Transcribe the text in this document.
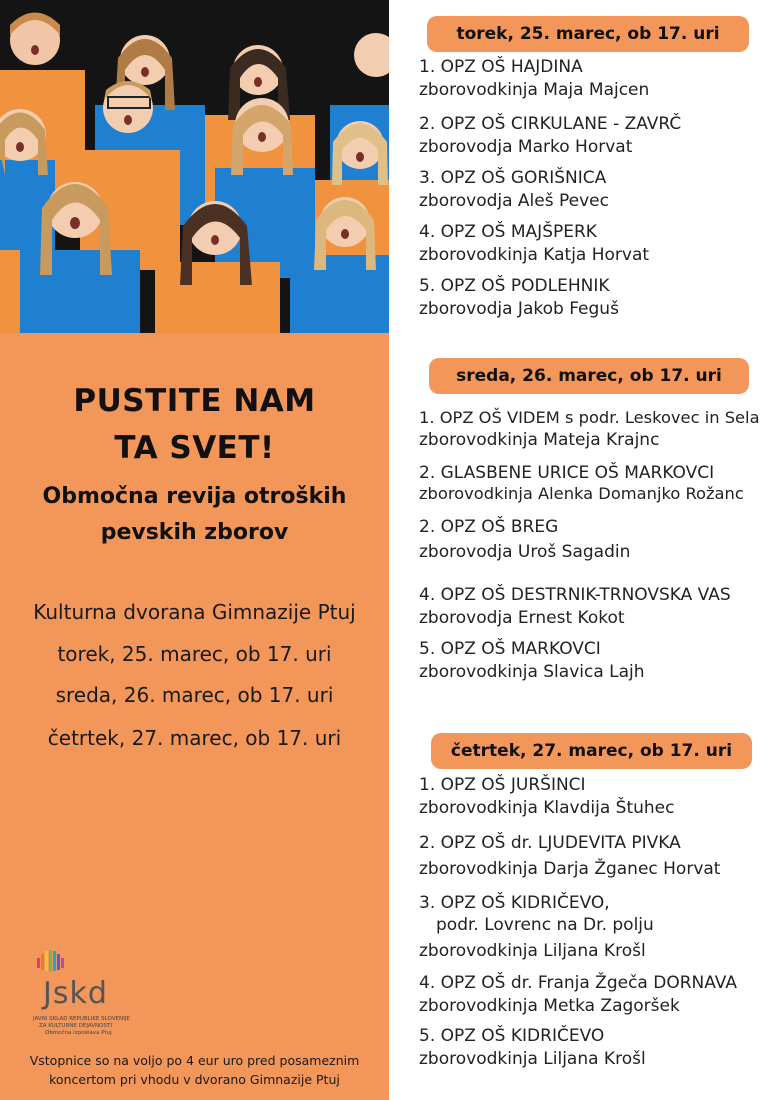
PUSTITE NAM
TA SVET!
Območna revija otroških
pevskih zborov
Kulturna dvorana Gimnazije Ptuj
torek, 25. marec, ob 17. uri
sreda, 26. marec, ob 17. uri
četrtek, 27. marec, ob 17. uri
Jskd
JAVNI SKLAD REPUBLIKE SLOVENIJE
ZA KULTURNE DEJAVNOSTI
Območna izpostava Ptuj
Vstopnice so na voljo po 4 eur uro pred posameznim
koncertom pri vhodu v dvorano Gimnazije Ptuj
torek, 25. marec, ob 17. uri
1. OPZ OŠ HAJDINA
zborovodkinja Maja Majcen
2. OPZ OŠ CIRKULANE - ZAVRČ
zborovodja Marko Horvat
3. OPZ OŠ GORIŠNICA
zborovodja Aleš Pevec
4. OPZ OŠ MAJŠPERK
zborovodkinja Katja Horvat
5. OPZ OŠ PODLEHNIK
zborovodja Jakob Feguš
sreda, 26. marec, ob 17. uri
1. OPZ OŠ VIDEM s podr. Leskovec in Sela
zborovodkinja Mateja Krajnc
2. GLASBENE URICE OŠ MARKOVCI
zborovodkinja Alenka Domanjko Rožanc
2. OPZ OŠ BREG
zborovodja Uroš Sagadin
4. OPZ OŠ DESTRNIK-TRNOVSKA VAS
zborovodja Ernest Kokot
5. OPZ OŠ MARKOVCI
zborovodkinja Slavica Lajh
četrtek, 27. marec, ob 17. uri
1. OPZ OŠ JURŠINCI
zborovodkinja Klavdija Štuhec
2. OPZ OŠ dr. LJUDEVITA PIVKA
zborovodkinja Darja Žganec Horvat
3. OPZ OŠ KIDRIČEVO,
podr. Lovrenc na Dr. polju
zborovodkinja Liljana Krošl
4. OPZ OŠ dr. Franja Žgeča DORNAVA
zborovodkinja Metka Zagoršek
5. OPZ OŠ KIDRIČEVO
zborovodkinja Liljana Krošl
